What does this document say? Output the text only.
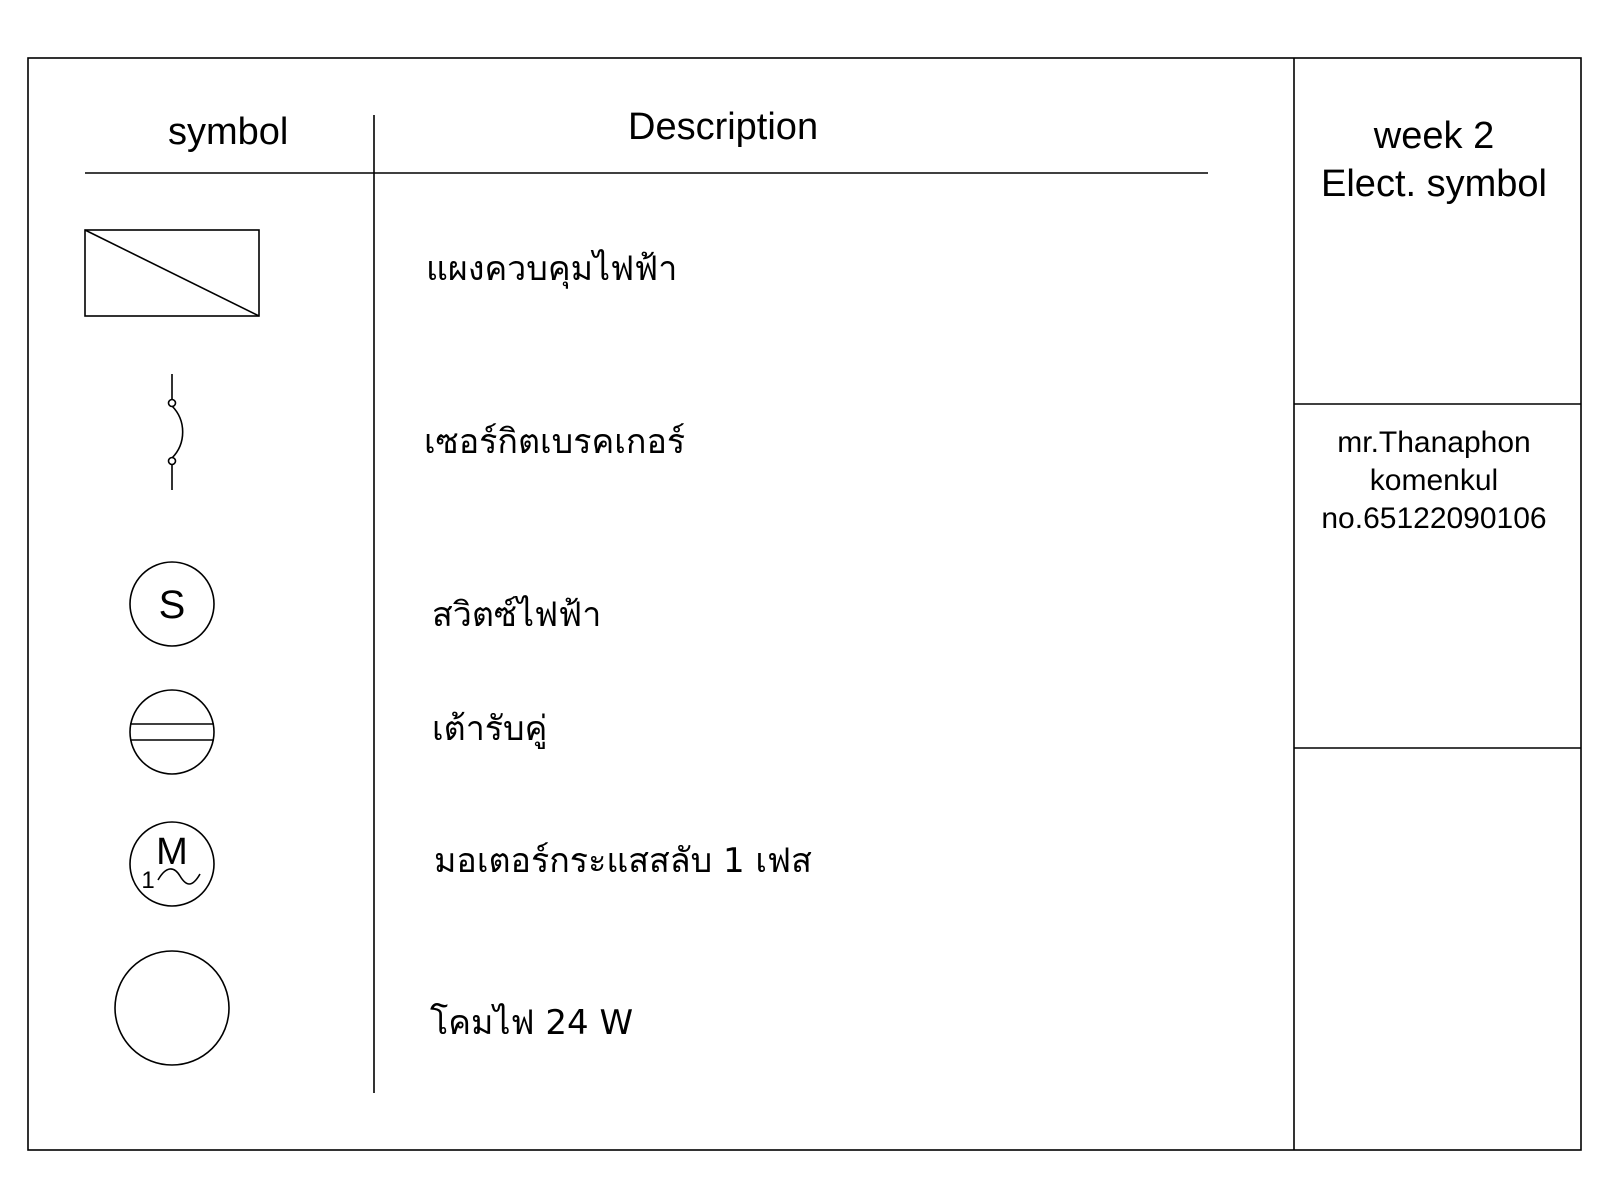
S
M
1
symbol	Description
แผงควบคุมไฟฟ้า
เซอร์กิตเบรคเกอร์
สวิตซ์ไฟฟ้า
เต้ารับคู่
มอเตอร์กระแสสลับ 1 เฟส
โคมไฟ 24 W
week 2
Elect. symbol
mr.Thanaphon
komenkul
no.65122090106
